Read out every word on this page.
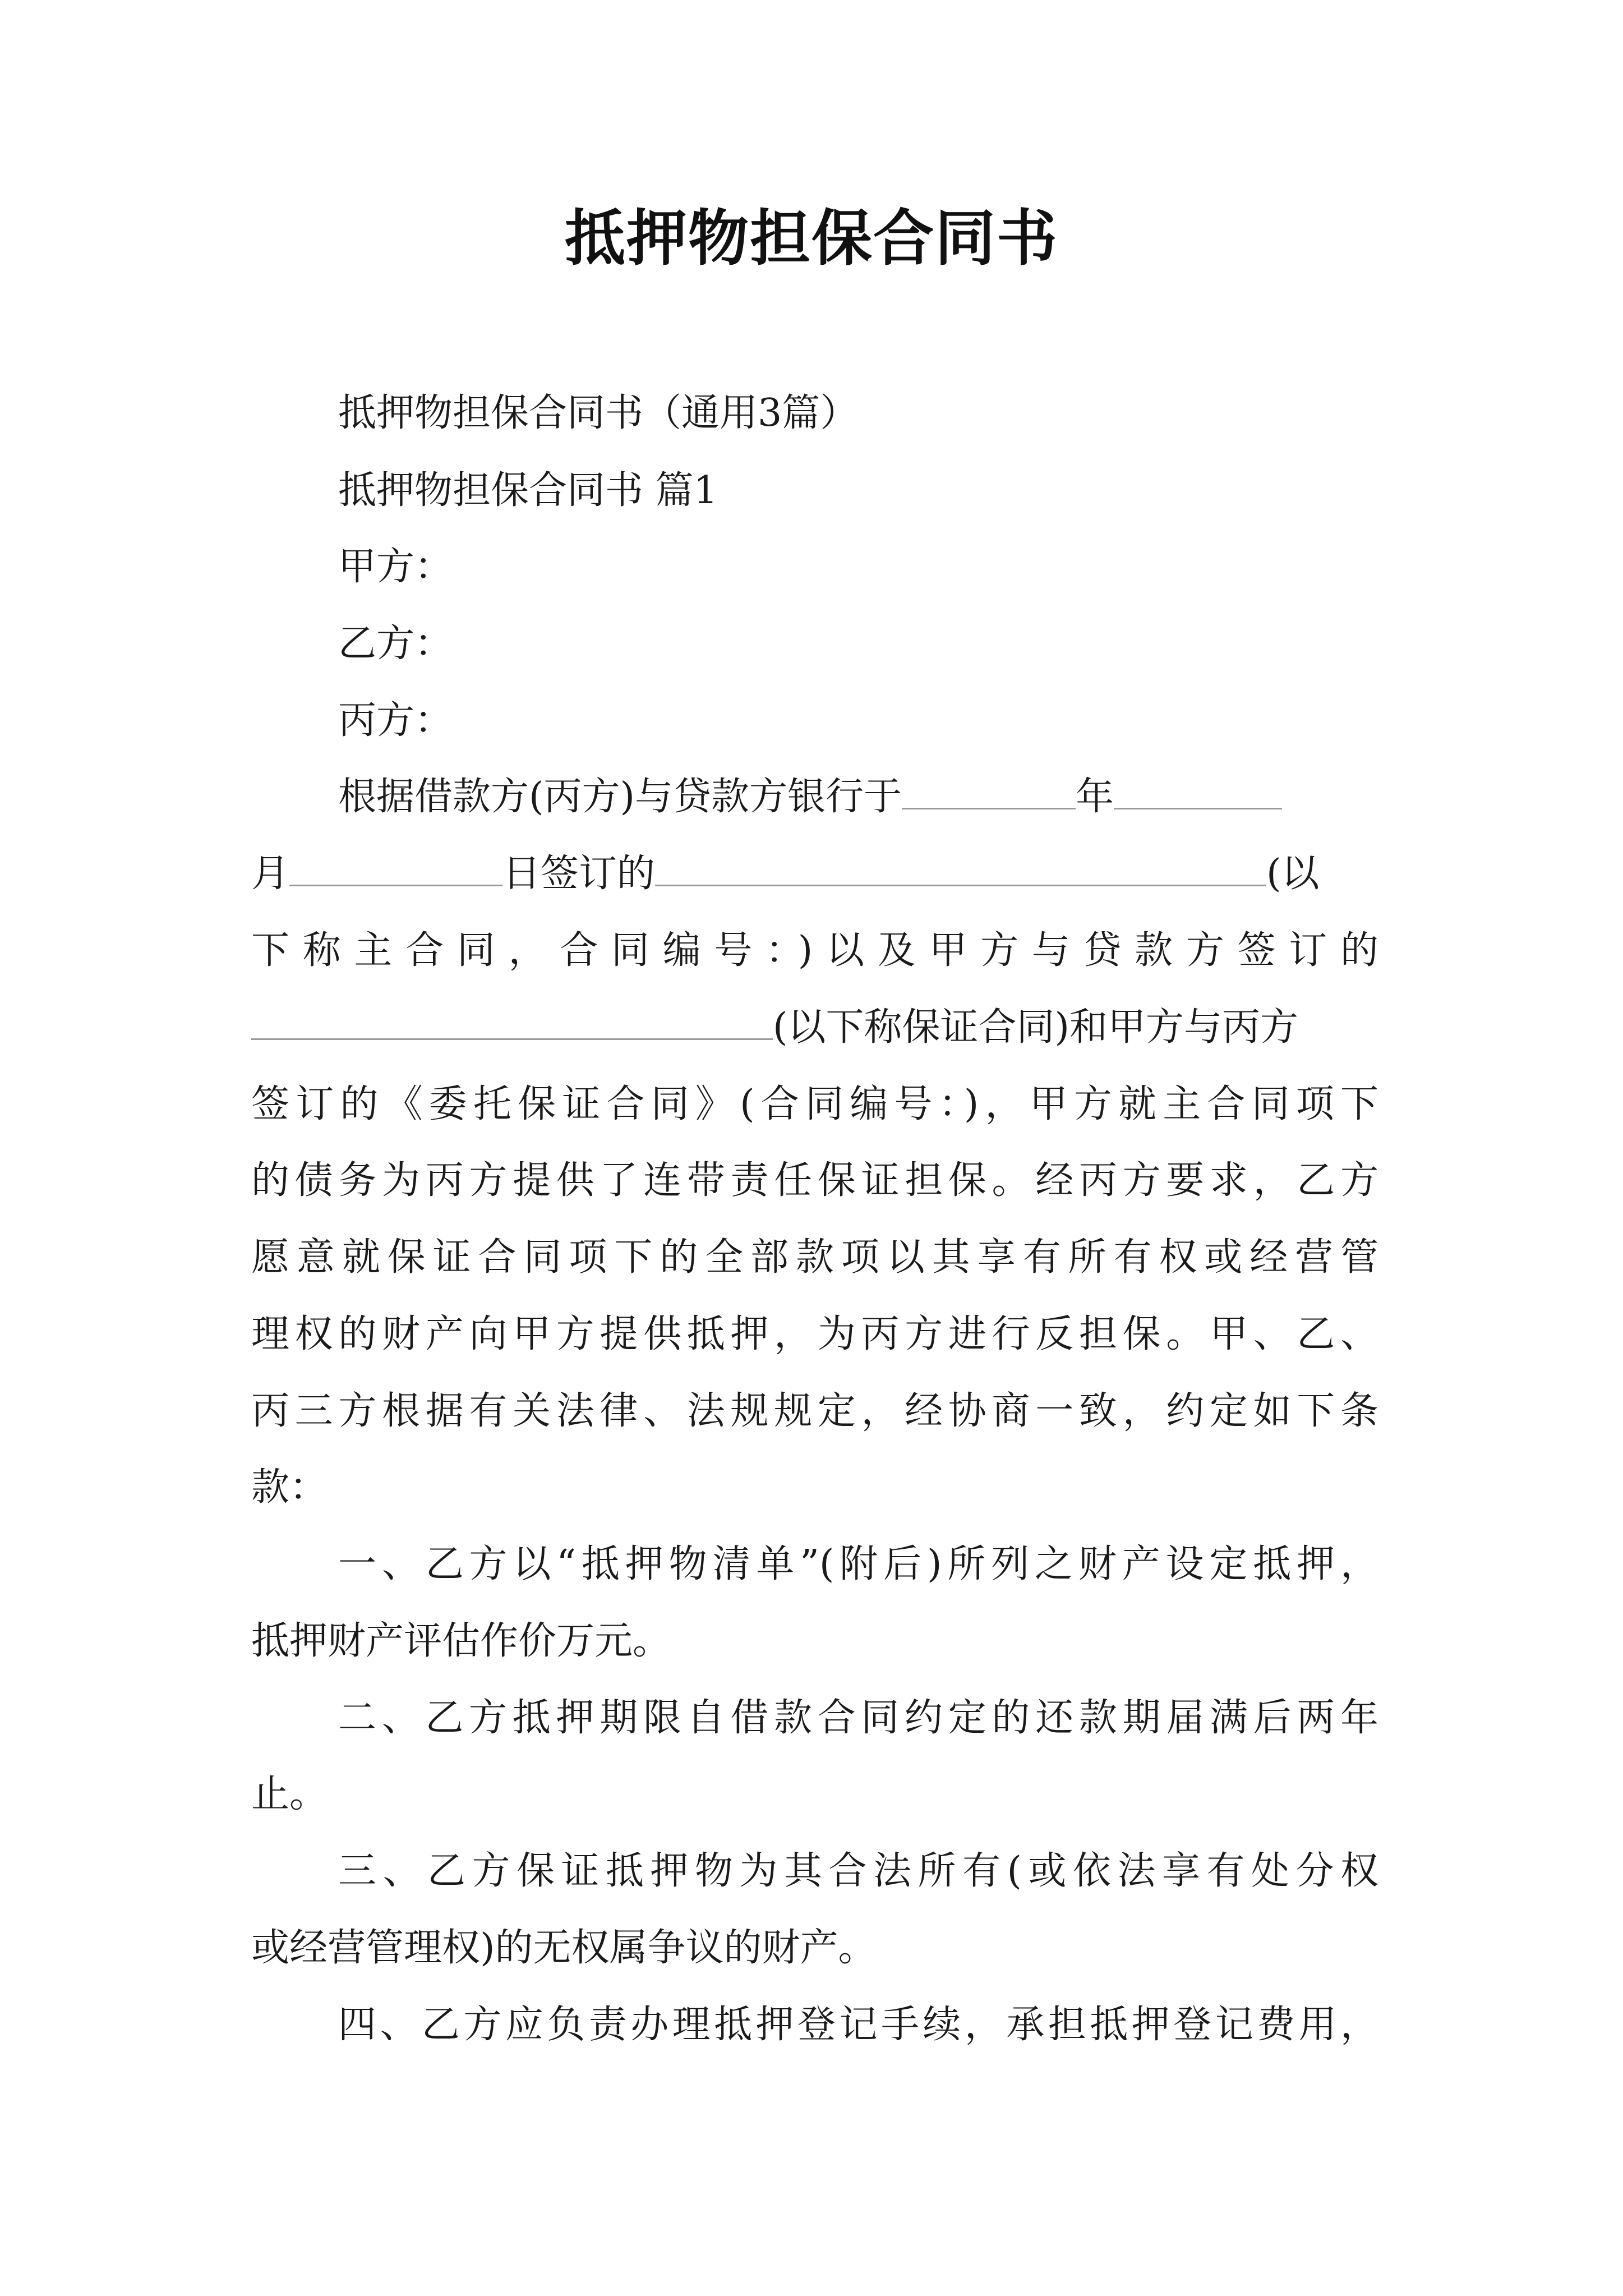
抵押物担保合同书
抵押物担保合同书（通用3篇）
抵押物担保合同书 篇1
甲方：
乙方：
丙方：
根据借款方(丙方)与贷款方银行于	年
月	日签订的	(以
下称主合同，合同编号：)以及甲方与贷款方签订的
(以下称保证合同)和甲方与丙方
签订的《委托保证合同》(合同编号：)，甲方就主合同项下
的债务为丙方提供了连带责任保证担保。经丙方要求，乙方
愿意就保证合同项下的全部款项以其享有所有权或经营管
理权的财产向甲方提供抵押，为丙方进行反担保。甲、乙、
丙三方根据有关法律、法规规定，经协商一致，约定如下条
款：
一、乙方以“抵押物清单”(附后)所列之财产设定抵押，
抵押财产评估作价万元。
二、乙方抵押期限自借款合同约定的还款期届满后两年
止。
三、乙方保证抵押物为其合法所有(或依法享有处分权
或经营管理权)的无权属争议的财产。
四、乙方应负责办理抵押登记手续，承担抵押登记费用，
